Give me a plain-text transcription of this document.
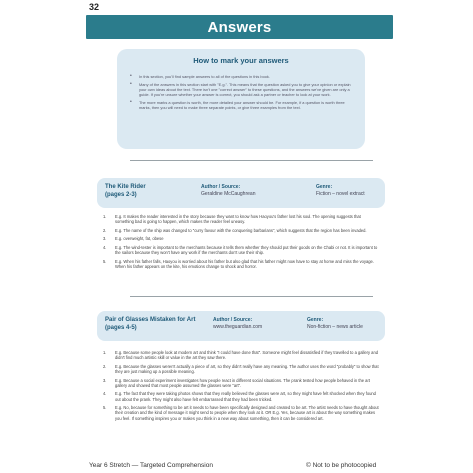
32
Answers
How to mark your answers
• In this section, you'll find sample answers to all of the questions in this book.
• Many of the answers in this section start with "E.g.". This means that the question asked you to give your opinion or explain your own ideas about the text. There isn't one "correct answer" to these questions, and the answers we've given are only a guide. If you're unsure whether your answer is correct, you should ask a partner or teacher to look at your work.
• The more marks a question is worth, the more detailed your answer should be. For example, if a question is worth three marks, then you will need to make three separate points, or give three examples from the text.
The Kite Rider
(pages 2-3)
Author / Source:
Geraldine McCaughrean
Genre:
Fiction – novel extract
1. E.g. It makes the reader interested in the story because they want to know how Haoyou's father lost his soul. The opening suggests that something bad is going to happen, which makes the reader feel uneasy.
2. E.g. The name of the ship was changed to "curry favour with the conquering barbarians", which suggests that the region has been invaded.
3. E.g. overweight, fat, obese
4. E.g. The wind-tester is important to the merchants because it tells them whether they should put their goods on the Chabi or not. It is important to the sailors because they won't have any work if the merchants don't use their ship.
5. E.g. When his father falls, Haoyou is worried about his father but also glad that his father might now have to stay at home and miss the voyage. When his father appears on the kite, his emotions change to shock and horror.
Pair of Glasses Mistaken for Art
(pages 4-5)
Author / Source:
www.theguardian.com
Genre:
Non-fiction – news article
1. E.g. Because some people look at modern art and think "I could have done that". Someone might feel dissatisfied if they travelled to a gallery and didn't find much artistic skill or value in the art they saw there.
2. E.g. Because the glasses weren't actually a piece of art, so they didn't really have any meaning. The author uses the word "probably" to show that they are just making up a possible meaning.
3. E.g. Because a social experiment investigates how people react in different social situations. The prank tested how people behaved in the art gallery and showed that most people assumed the glasses were "art".
4. E.g. The fact that they were taking photos shows that they really believed the glasses were art, so they might have felt shocked when they found out about the prank. They might also have felt embarrassed that they had been tricked.
5. E.g. No, because for something to be art it needs to have been specifically designed and created to be art. The artist needs to have thought about their creation and the kind of message it might send to people when they look at it. OR E.g. Yes, because art is about the way something makes you feel. If something inspires you or makes you think in a new way about something, then it can be considered art.
Year 6 Stretch — Targeted Comprehension	© Not to be photocopied
